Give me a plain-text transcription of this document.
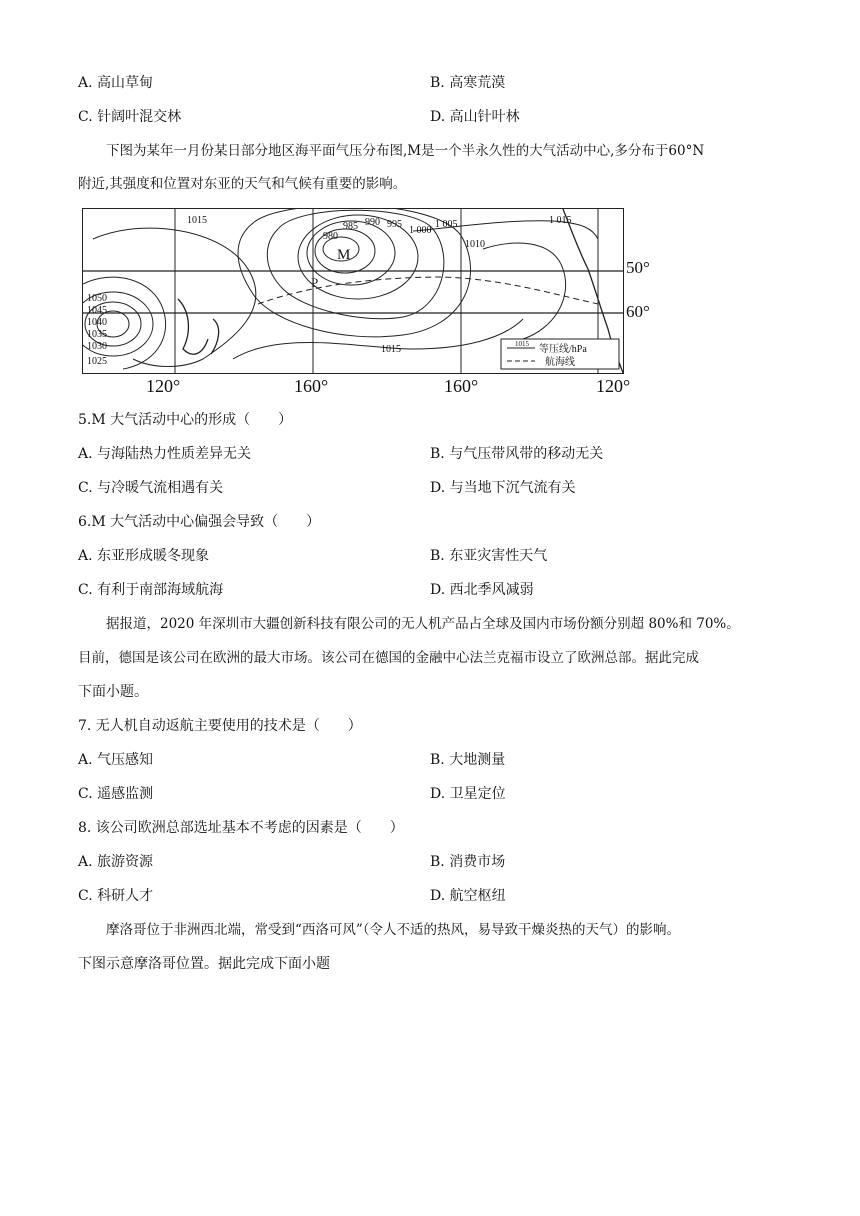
A. 高山草甸	B. 高寒荒漠
C. 针阔叶混交林	D. 高山针叶林
下图为某年一月份某日部分地区海平面气压分布图,M是一个半永久性的大气活动中心,多分布于60°N
附近,其强度和位置对东亚的天气和气候有重要的影响。
1015
980
985 990 995
1 000
1 005
1010
1 015
1050
1045
1040
1035
1030
1025
1015
M
P
1015 等压线/hPa
航海线
50°
60°
120°	160°	160°	120°
5.M 大气活动中心的形成（　　）
A. 与海陆热力性质差异无关	B. 与气压带风带的移动无关
C. 与冷暖气流相遇有关	D. 与当地下沉气流有关
6.M 大气活动中心偏强会导致（　　）
A. 东亚形成暖冬现象	B. 东亚灾害性天气
C. 有利于南部海域航海	D. 西北季风减弱
据报道，2020 年深圳市大疆创新科技有限公司的无人机产品占全球及国内市场份额分别超 80%和 70%。
目前，德国是该公司在欧洲的最大市场。该公司在德国的金融中心法兰克福市设立了欧洲总部。据此完成
下面小题。
7. 无人机自动返航主要使用的技术是（　　）
A. 气压感知	B. 大地测量
C. 遥感监测	D. 卫星定位
8. 该公司欧洲总部选址基本不考虑的因素是（　　）
A. 旅游资源	B. 消费市场
C. 科研人才	D. 航空枢纽
摩洛哥位于非洲西北端，常受到“西洛可风”（令人不适的热风，易导致干燥炎热的天气）的影响。
下图示意摩洛哥位置。据此完成下面小题
